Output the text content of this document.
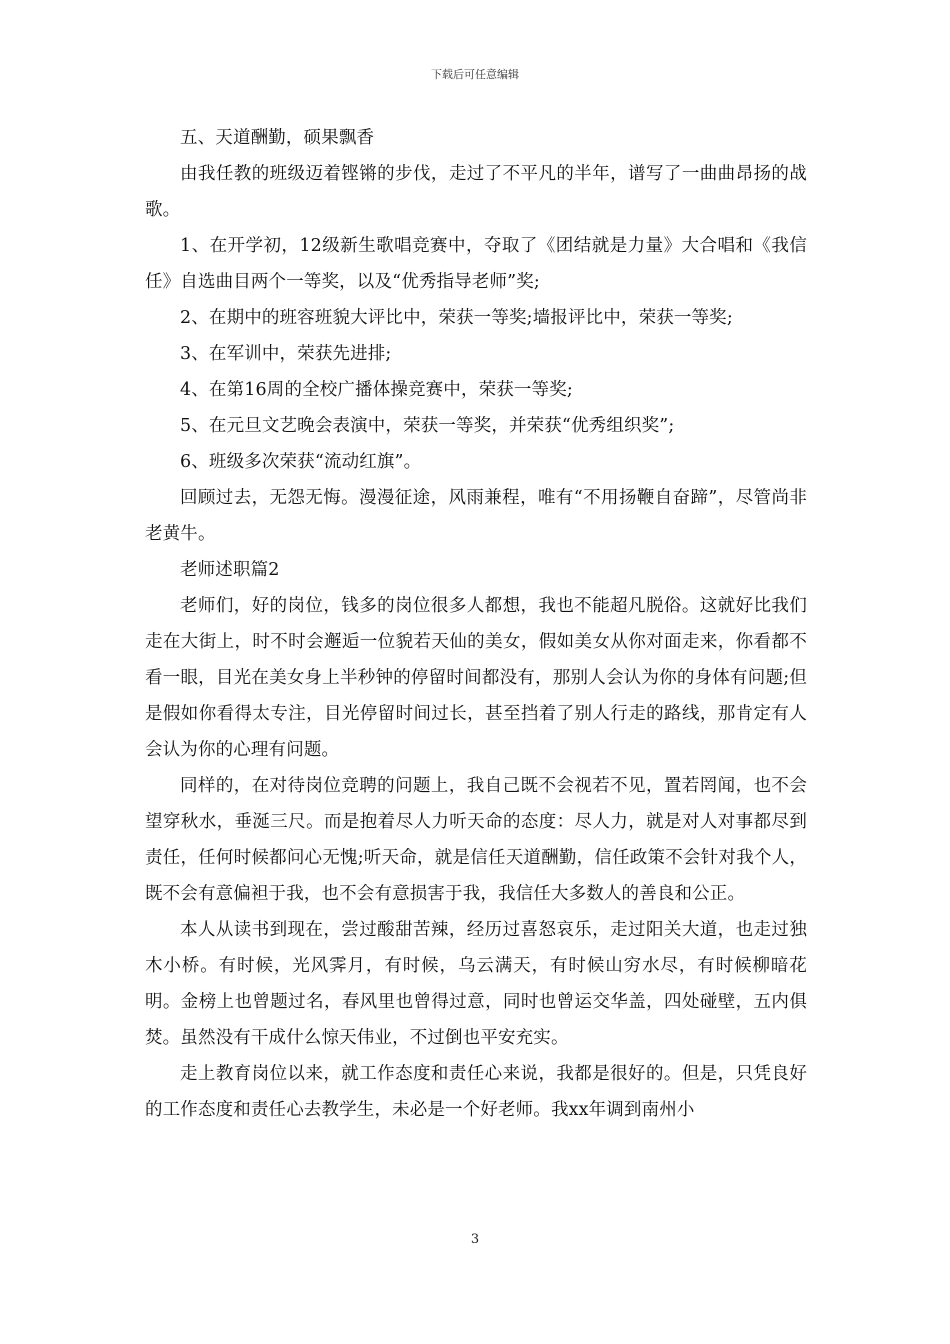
下载后可任意编辑

五、天道酬勤，硕果飘香

由我任教的班级迈着铿锵的步伐，走过了不平凡的半年，谱写了一曲曲昂扬的战歌。

1、在开学初，12级新生歌唱竞赛中，夺取了《团结就是力量》大合唱和《我信任》自选曲目两个一等奖，以及“优秀指导老师”奖;

2、在期中的班容班貌大评比中，荣获一等奖;墙报评比中，荣获一等奖;

3、在军训中，荣获先进排;

4、在第16周的全校广播体操竞赛中，荣获一等奖;

5、在元旦文艺晚会表演中，荣获一等奖，并荣获“优秀组织奖”;

6、班级多次荣获“流动红旗”。

回顾过去，无怨无悔。漫漫征途，风雨兼程，唯有“不用扬鞭自奋蹄”，尽管尚非老黄牛。

老师述职篇2

老师们，好的岗位，钱多的岗位很多人都想，我也不能超凡脱俗。这就好比我们走在大街上，时不时会邂逅一位貌若天仙的美女，假如美女从你对面走来，你看都不看一眼，目光在美女身上半秒钟的停留时间都没有，那别人会认为你的身体有问题;但是假如你看得太专注，目光停留时间过长，甚至挡着了别人行走的路线，那肯定有人会认为你的心理有问题。

同样的，在对待岗位竞聘的问题上，我自己既不会视若不见，置若罔闻，也不会望穿秋水，垂涎三尺。而是抱着尽人力听天命的态度：尽人力，就是对人对事都尽到责任，任何时候都问心无愧;听天命，就是信任天道酬勤，信任政策不会针对我个人，既不会有意偏袒于我，也不会有意损害于我，我信任大多数人的善良和公正。

本人从读书到现在，尝过酸甜苦辣，经历过喜怒哀乐，走过阳关大道，也走过独木小桥。有时候，光风霁月，有时候，乌云满天，有时候山穷水尽，有时候柳暗花明。金榜上也曾题过名，春风里也曾得过意，同时也曾运交华盖，四处碰壁，五内俱焚。虽然没有干成什么惊天伟业，不过倒也平安充实。

走上教育岗位以来，就工作态度和责任心来说，我都是很好的。但是，只凭良好的工作态度和责任心去教学生，未必是一个好老师。我xx年调到南州小

3
